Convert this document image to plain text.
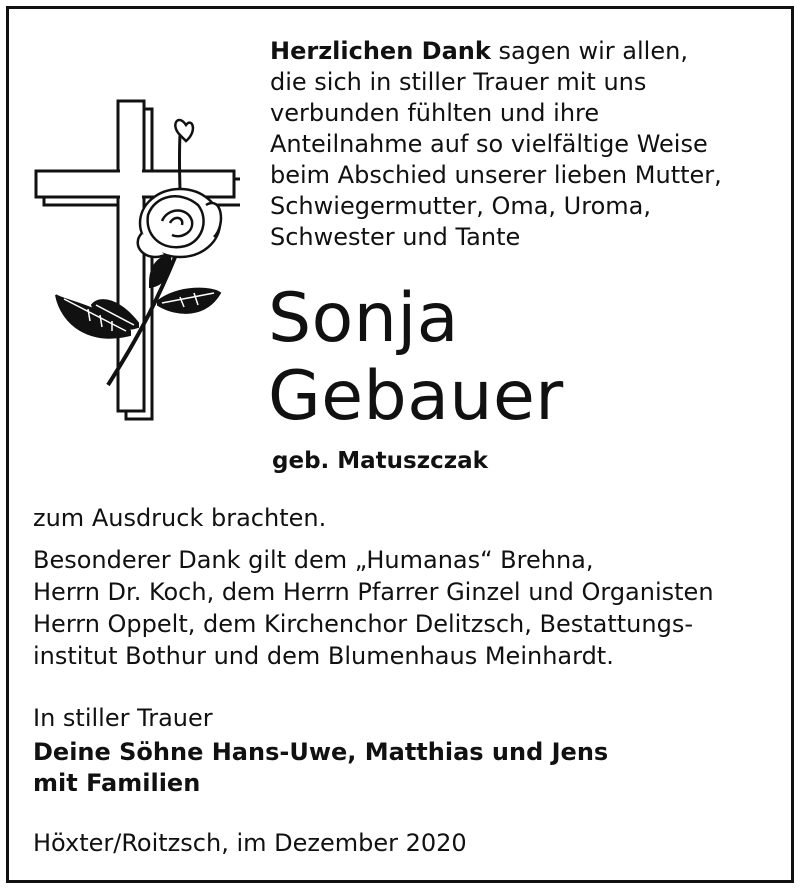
Herzlichen Dank sagen wir allen,
die sich in stiller Trauer mit uns
verbunden fühlten und ihre
Anteilnahme auf so vielfältige Weise
beim Abschied unserer lieben Mutter,
Schwiegermutter, Oma, Uroma,
Schwester und Tante
Sonja
Gebauer
geb. Matuszczak
zum Ausdruck brachten.
Besonderer Dank gilt dem „Humanas“ Brehna,
Herrn Dr. Koch, dem Herrn Pfarrer Ginzel und Organisten
Herrn Oppelt, dem Kirchenchor Delitzsch, Bestattungs-
institut Bothur und dem Blumenhaus Meinhardt.
In stiller Trauer
Deine Söhne Hans-Uwe, Matthias und Jens
mit Familien
Höxter/Roitzsch, im Dezember 2020
